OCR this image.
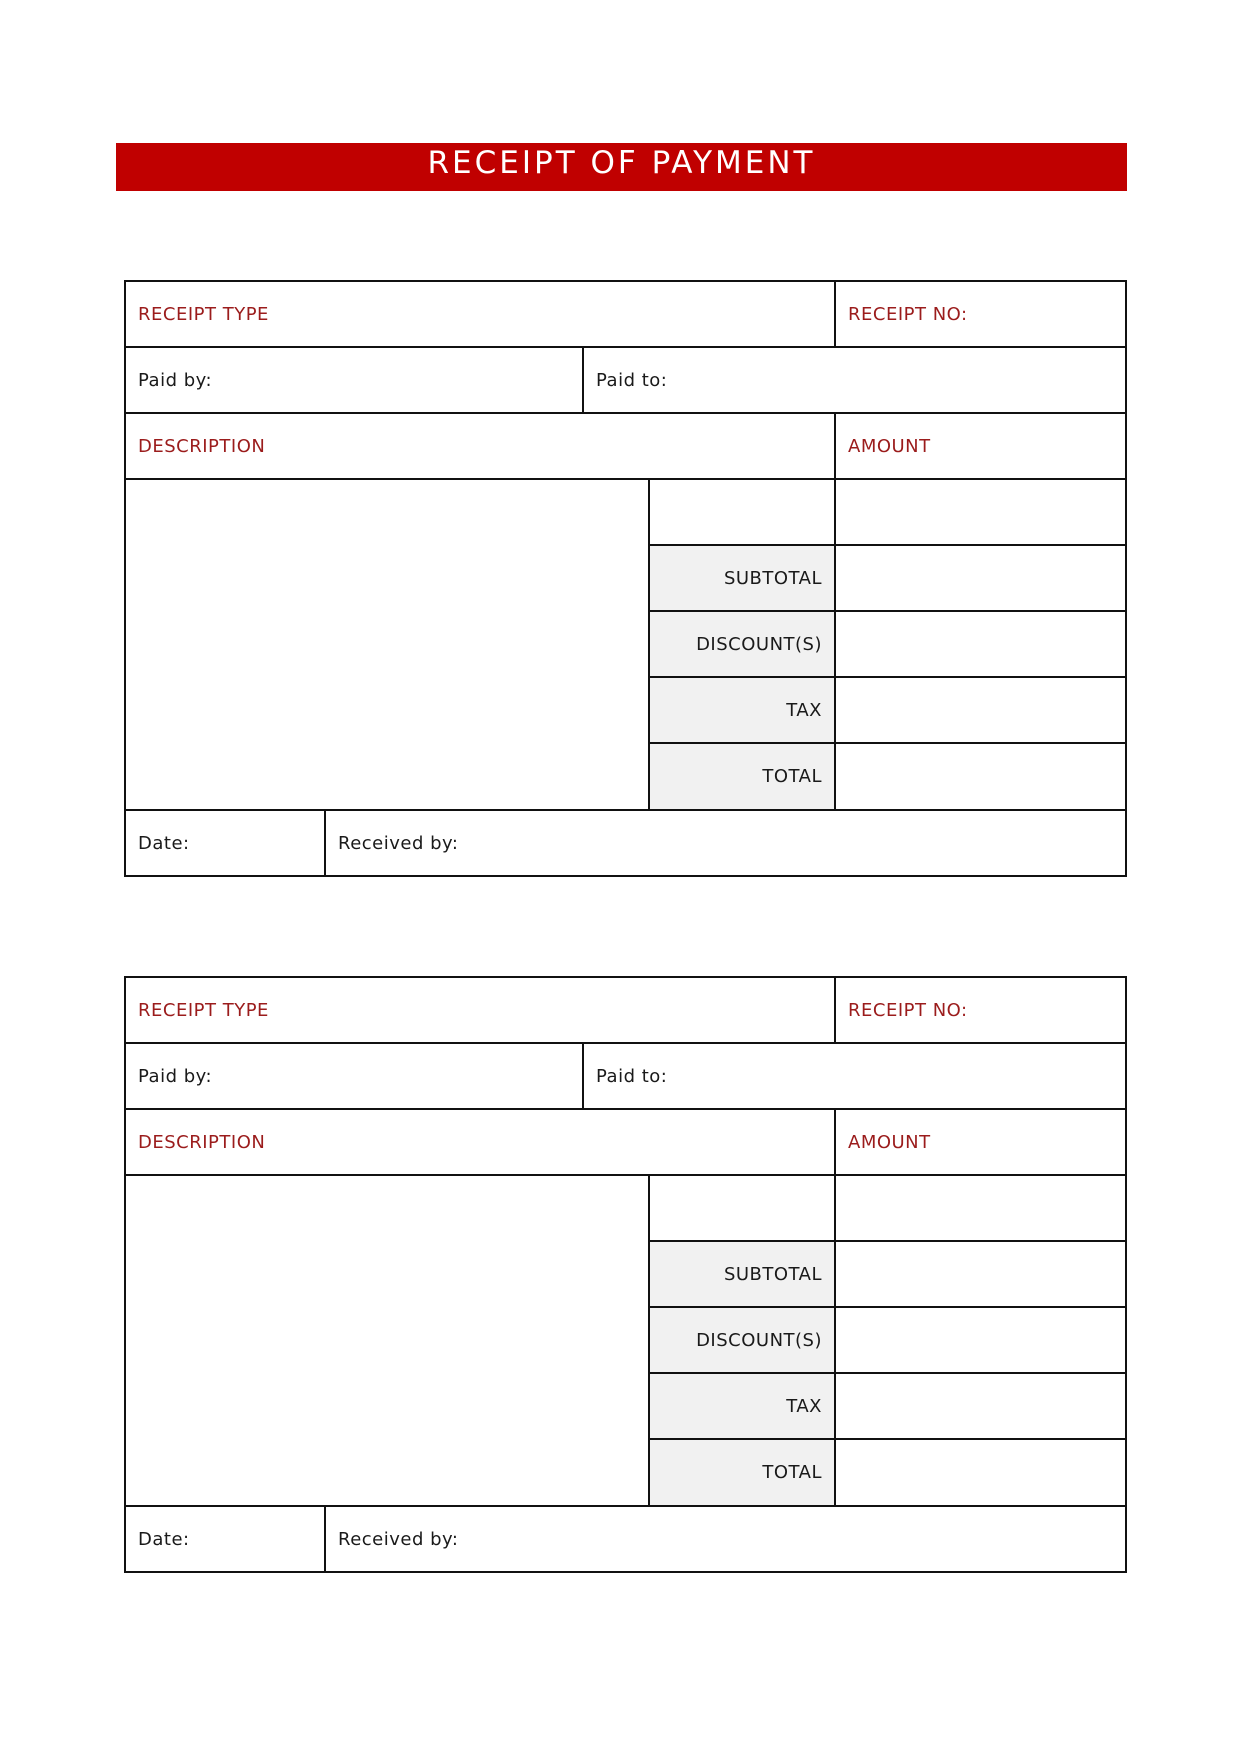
RECEIPT OF PAYMENT
RECEIPT TYPE	RECEIPT NO:
Paid by:	Paid to:
DESCRIPTION	AMOUNT
SUBTOTAL
DISCOUNT(S)
TAX
TOTAL
Date:	Received by:
RECEIPT TYPE	RECEIPT NO:
Paid by:	Paid to:
DESCRIPTION	AMOUNT
SUBTOTAL
DISCOUNT(S)
TAX
TOTAL
Date:	Received by:
